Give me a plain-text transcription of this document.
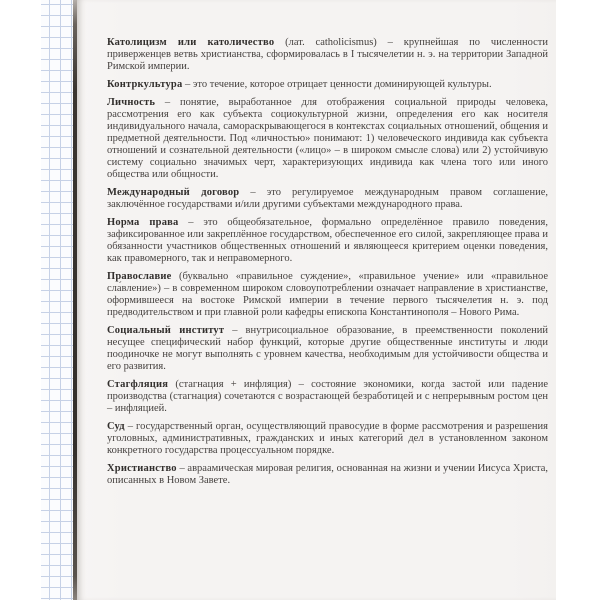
Католицизм или католичество (лат. catholicismus) – крупнейшая по численности приверженцев ветвь христианства, сформировалась в I тысячелетии н. э. на территории Западной Римской империи.

Контркультура – это течение, которое отрицает ценности доминирующей культуры.

Личность – понятие, выработанное для отображения социальной природы человека, рассмотрения его как субъекта социокультурной жизни, определения его как носителя индивидуального начала, самораскрывающегося в контекстах социальных отношений, общения и предметной деятельности. Под «личностью» понимают: 1) человеческого индивида как субъекта отношений и сознательной деятельности («лицо» – в широком смысле слова) или 2) устойчивую систему социально значимых черт, характеризующих индивида как члена того или иного общества или общности.

Международный договор – это регулируемое международным правом соглашение, заключённое государствами и/или другими субъектами международного права.

Норма права – это общеобязательное, формально определённое правило поведения, зафиксированное или закреплённое государством, обеспеченное его силой, закрепляющее права и обязанности участников общественных отношений и являющееся критерием оценки поведения, как правомерного, так и неправомерного.

Православие (буквально «правильное суждение», «правильное учение» или «правильное сла́вление») – в современном широком словоупотреблении означает направление в христианстве, оформившееся на востоке Римской империи в течение первого тысячелетия н. э. под предводительством и при главной роли кафедры епископа Константинополя – Нового Рима.

Социальный институт – внутрисоциальное образование, в преемственности поколений несущее специфический набор функций, которые другие общественные институты и люди поодиночке не могут выполнять с уровнем качества, необходимым для устойчивости общества и его развития.

Стагфляция (стагнация + инфляция) – состояние экономики, когда застой или падение производства (стагнация) сочетаются с возрастающей безработицей и с непрерывным ростом цен – инфляцией.

Суд – государственный орган, осуществляющий правосудие в форме рассмотрения и разрешения уголовных, административных, гражданских и иных категорий дел в установленном законом конкретного государства процессуальном порядке.

Христианство – авраамическая мировая религия, основанная на жизни и учении Иисуса Христа, описанных в Новом Завете.
